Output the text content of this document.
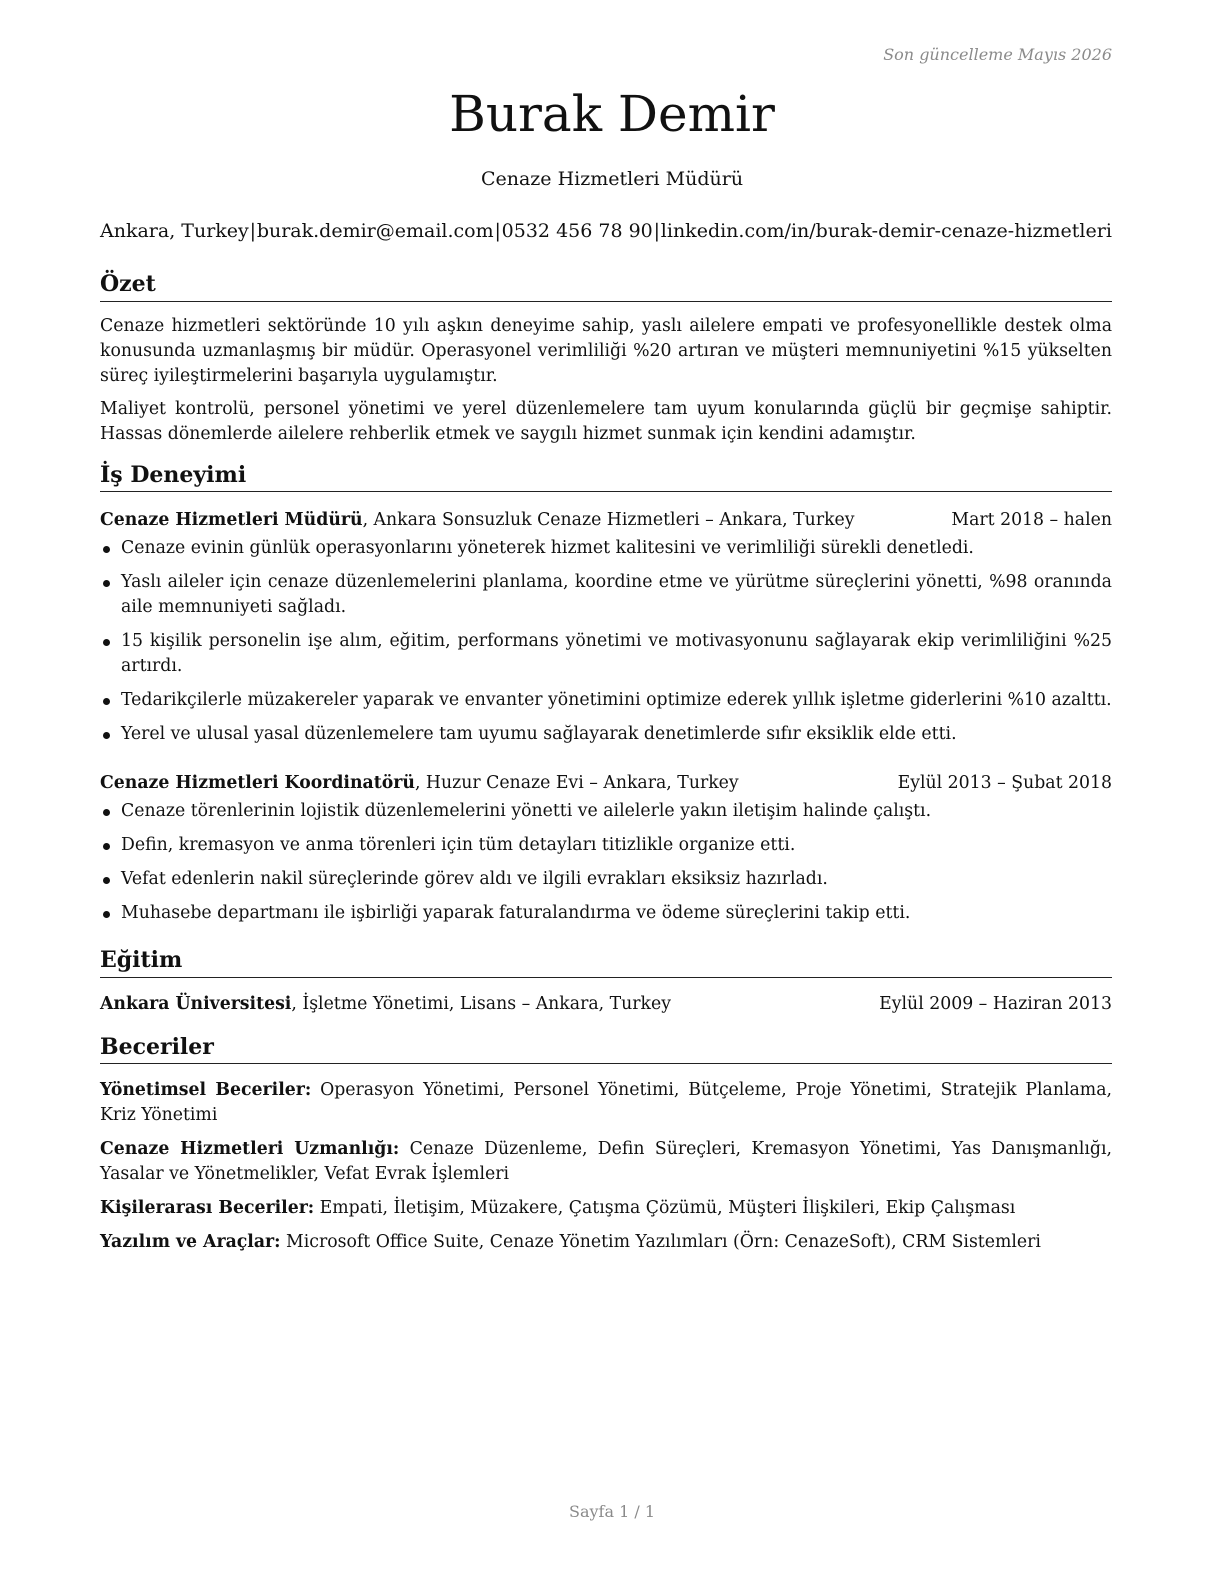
Son güncelleme Mayıs 2026
Burak Demir
Cenaze Hizmetleri Müdürü
Ankara, Turkey | burak.demir@email.com | 0532 456 78 90 | linkedin.com/in/burak-demir-cenaze-hizmetleri
Özet

Cenaze hizmetleri sektöründe 10 yılı aşkın deneyime sahip, yaslı ailelere empati ve profesyonellikle destek olma konusunda uzmanlaşmış bir müdür. Operasyonel verimliliği %20 artıran ve müşteri memnuniyetini %15 yükselten süreç iyileştirmelerini başarıyla uygulamıştır.

Maliyet kontrolü, personel yönetimi ve yerel düzenlemelere tam uyum konularında güçlü bir geçmişe sahiptir. Hassas dönemlerde ailelere rehberlik etmek ve saygılı hizmet sunmak için kendini adamıştır.

İş Deneyimi
Cenaze Hizmetleri Müdürü, Ankara Sonsuzluk Cenaze Hizmetleri – Ankara, Turkey	Mart 2018 – halen
Cenaze evinin günlük operasyonlarını yöneterek hizmet kalitesini ve verimliliği sürekli denetledi.
Yaslı aileler için cenaze düzenlemelerini planlama, koordine etme ve yürütme süreçlerini yönetti, %98 oranında aile memnuniyeti sağladı.
15 kişilik personelin işe alım, eğitim, performans yönetimi ve motivasyonunu sağlayarak ekip verimliliğini %25 artırdı.
Tedarikçilerle müzakereler yaparak ve envanter yönetimini optimize ederek yıllık işletme giderlerini %10 azalttı.
Yerel ve ulusal yasal düzenlemelere tam uyumu sağlayarak denetimlerde sıfır eksiklik elde etti.
Cenaze Hizmetleri Koordinatörü, Huzur Cenaze Evi – Ankara, Turkey	Eylül 2013 – Şubat 2018
Cenaze törenlerinin lojistik düzenlemelerini yönetti ve ailelerle yakın iletişim halinde çalıştı.
Defin, kremasyon ve anma törenleri için tüm detayları titizlikle organize etti.
Vefat edenlerin nakil süreçlerinde görev aldı ve ilgili evrakları eksiksiz hazırladı.
Muhasebe departmanı ile işbirliği yaparak faturalandırma ve ödeme süreçlerini takip etti.
Eğitim
Ankara Üniversitesi, İşletme Yönetimi, Lisans – Ankara, Turkey	Eylül 2009 – Haziran 2013
Beceriler
Yönetimsel Beceriler: Operasyon Yönetimi, Personel Yönetimi, Bütçeleme, Proje Yönetimi, Stratejik Planlama, Kriz Yönetimi
Cenaze Hizmetleri Uzmanlığı: Cenaze Düzenleme, Defin Süreçleri, Kremasyon Yönetimi, Yas Danışmanlığı, Yasalar ve Yönetmelikler, Vefat Evrak İşlemleri
Kişilerarası Beceriler: Empati, İletişim, Müzakere, Çatışma Çözümü, Müşteri İlişkileri, Ekip Çalışması
Yazılım ve Araçlar: Microsoft Office Suite, Cenaze Yönetim Yazılımları (Örn: CenazeSoft), CRM Sistemleri
Sayfa 1 / 1
